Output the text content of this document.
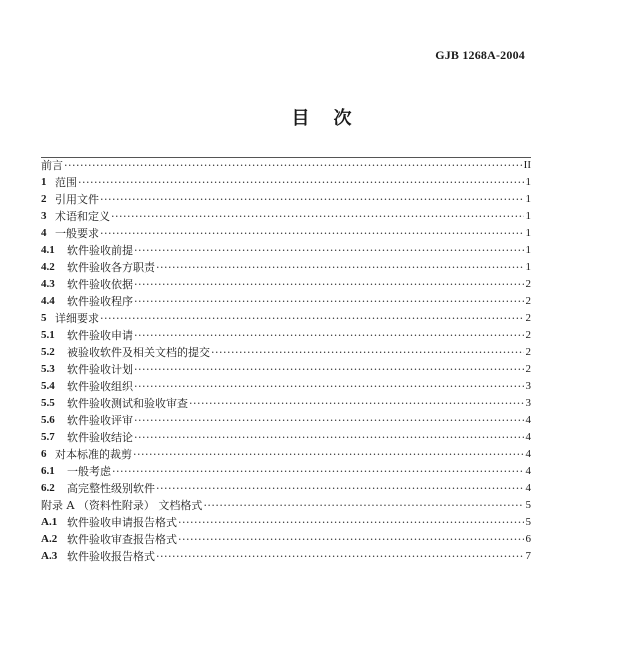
GJB 1268A-2004
目次
前言 ·····	II
1 范围 ·····	1
2 引用文件 ·····	1
3 术语和定义 ·····	1
4 一般要求 ·····	1
4.1	软件验收前提 ·····	1
4.2	软件验收各方职责 ·····	1
4.3	软件验收依据 ·····	2
4.4	软件验收程序 ·····	2
5 详细要求 ·····	2
5.1	软件验收申请 ·····	2
5.2	被验收软件及相关文档的提交 ·····	2
5.3	软件验收计划 ·····	2
5.4	软件验收组织 ·····	3
5.5	软件验收测试和验收审查 ·····	3
5.6	软件验收评审 ·····	4
5.7	软件验收结论 ·····	4
6 对本标准的裁剪 ·····	4
6.1	一般考虑 ·····	4
6.2	高完整性级别软件 ·····	4
附录 A （资料性附录） 文档格式 ·····	5
A.1 软件验收申请报告格式 ·····	5
A.2 软件验收审查报告格式 ·····	6
A.3 软件验收报告格式 ·····	7
